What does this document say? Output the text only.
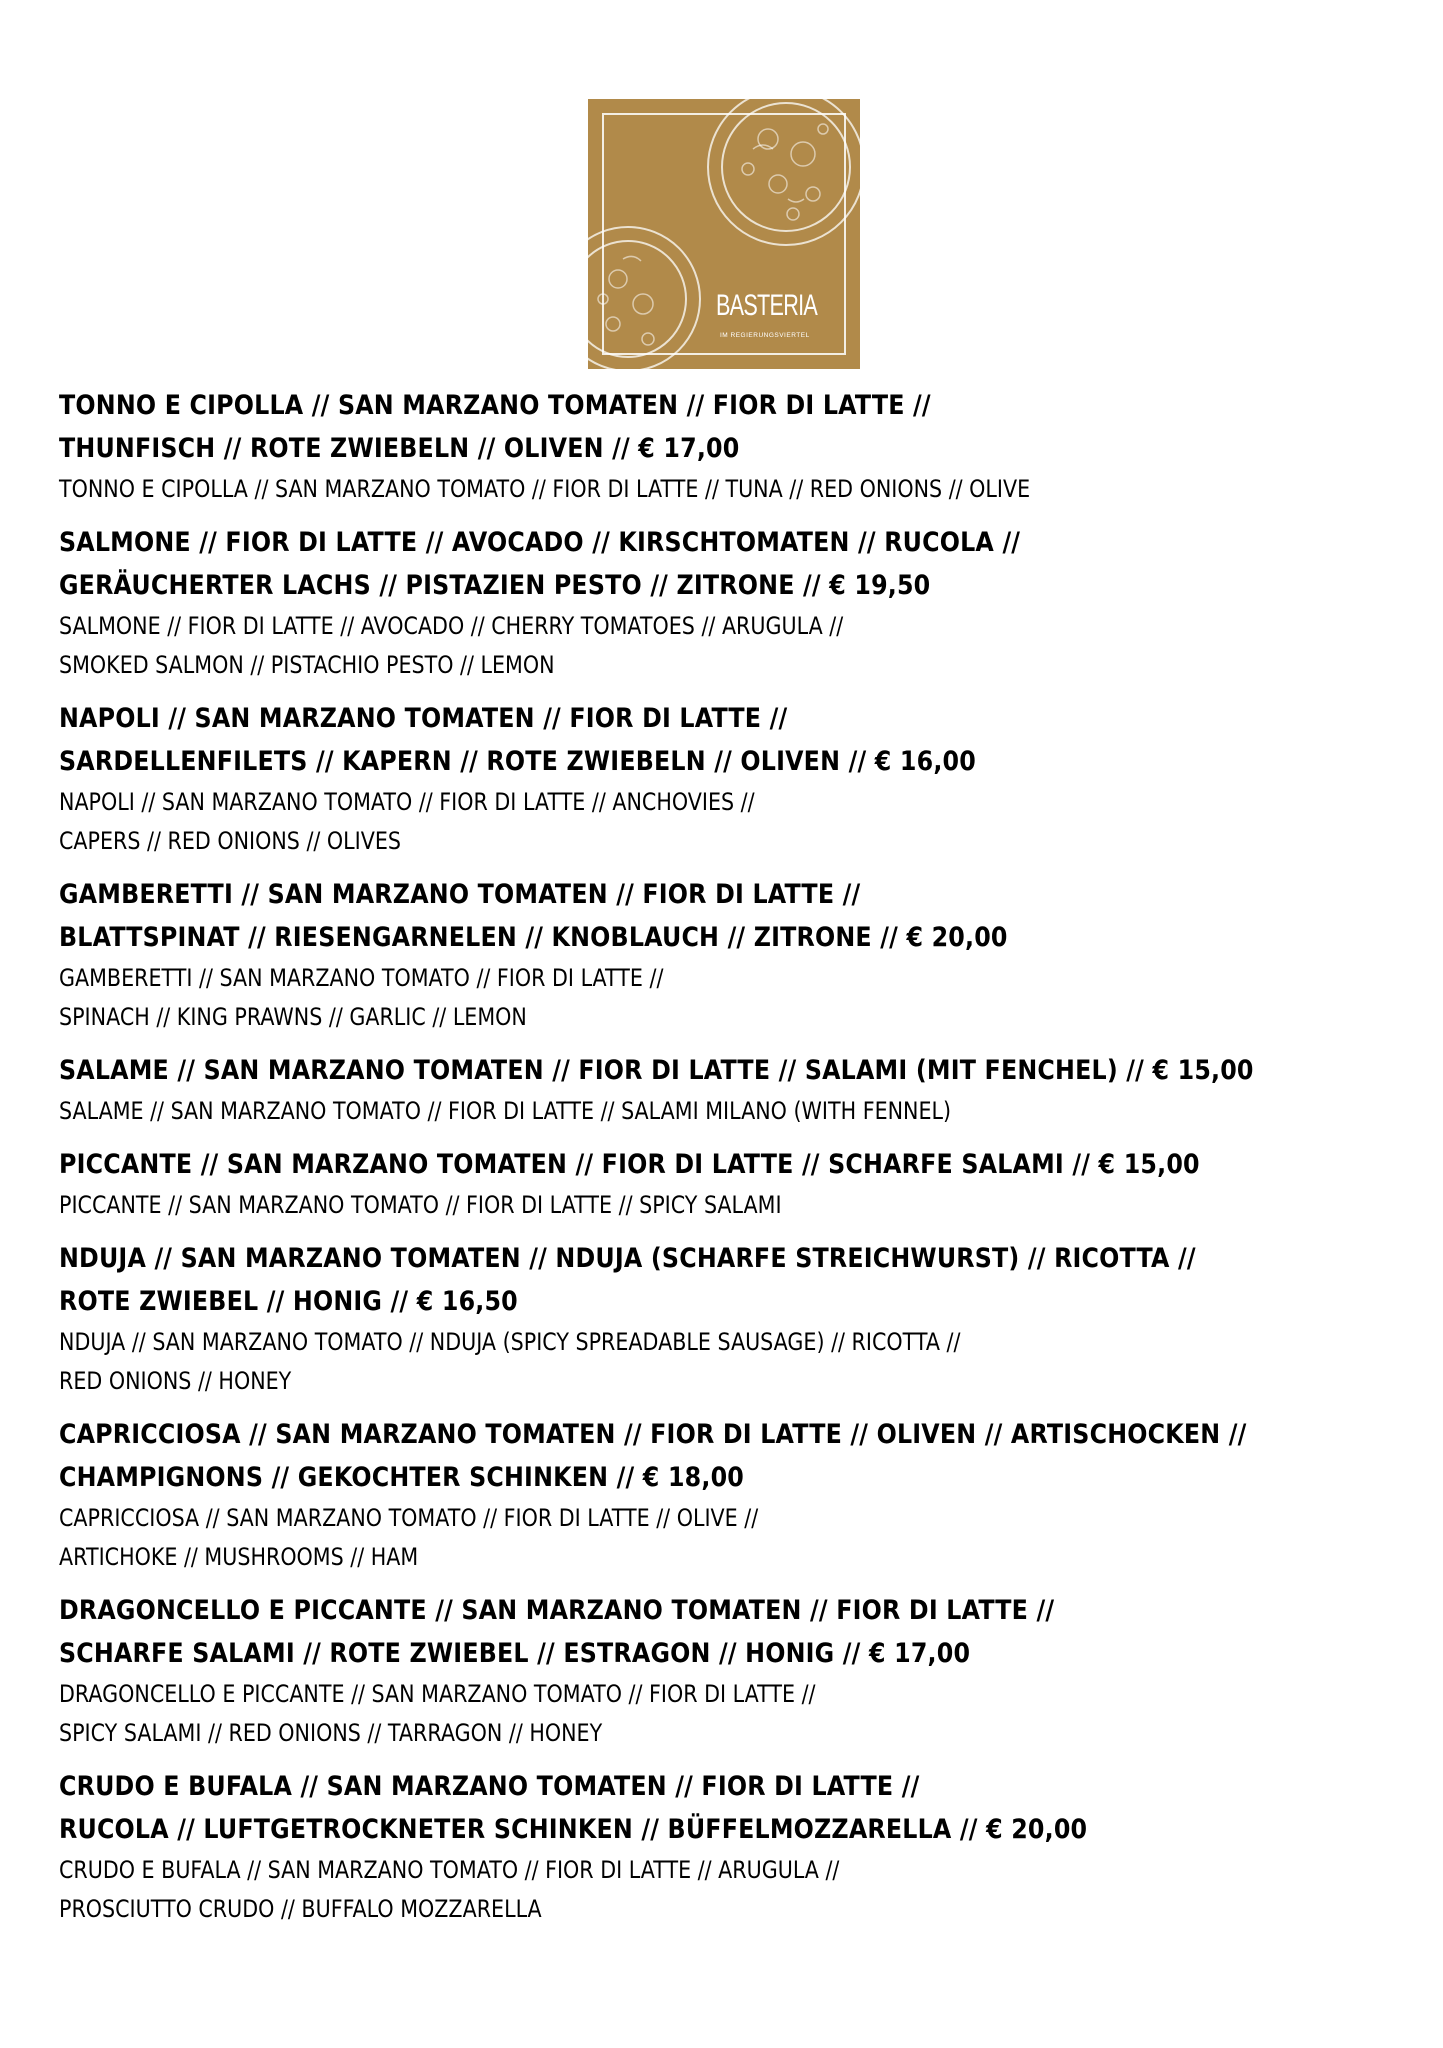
BASTERIA
IM REGIERUNGSVIERTEL
TONNO E CIPOLLA // SAN MARZANO TOMATEN // FIOR DI LATTE //
THUNFISCH // ROTE ZWIEBELN // OLIVEN // € 17,00
TONNO E CIPOLLA // SAN MARZANO TOMATO // FIOR DI LATTE // TUNA // RED ONIONS // OLIVE
SALMONE // FIOR DI LATTE // AVOCADO // KIRSCHTOMATEN // RUCOLA //
GERÄUCHERTER LACHS // PISTAZIEN PESTO // ZITRONE // € 19,50
SALMONE // FIOR DI LATTE // AVOCADO // CHERRY TOMATOES // ARUGULA //
SMOKED SALMON // PISTACHIO PESTO // LEMON
NAPOLI // SAN MARZANO TOMATEN // FIOR DI LATTE //
SARDELLENFILETS // KAPERN // ROTE ZWIEBELN // OLIVEN // € 16,00
NAPOLI // SAN MARZANO TOMATO // FIOR DI LATTE // ANCHOVIES //
CAPERS // RED ONIONS // OLIVES
GAMBERETTI // SAN MARZANO TOMATEN // FIOR DI LATTE //
BLATTSPINAT // RIESENGARNELEN // KNOBLAUCH // ZITRONE // € 20,00
GAMBERETTI // SAN MARZANO TOMATO // FIOR DI LATTE //
SPINACH // KING PRAWNS // GARLIC // LEMON
SALAME // SAN MARZANO TOMATEN // FIOR DI LATTE // SALAMI (MIT FENCHEL) // € 15,00
SALAME // SAN MARZANO TOMATO // FIOR DI LATTE // SALAMI MILANO (WITH FENNEL)
PICCANTE // SAN MARZANO TOMATEN // FIOR DI LATTE // SCHARFE SALAMI // € 15,00
PICCANTE // SAN MARZANO TOMATO // FIOR DI LATTE // SPICY SALAMI
NDUJA // SAN MARZANO TOMATEN // NDUJA (SCHARFE STREICHWURST) // RICOTTA //
ROTE ZWIEBEL // HONIG // € 16,50
NDUJA // SAN MARZANO TOMATO // NDUJA (SPICY SPREADABLE SAUSAGE) // RICOTTA //
RED ONIONS // HONEY
CAPRICCIOSA // SAN MARZANO TOMATEN // FIOR DI LATTE // OLIVEN // ARTISCHOCKEN //
CHAMPIGNONS // GEKOCHTER SCHINKEN // € 18,00
CAPRICCIOSA // SAN MARZANO TOMATO // FIOR DI LATTE // OLIVE //
ARTICHOKE // MUSHROOMS // HAM
DRAGONCELLO E PICCANTE // SAN MARZANO TOMATEN // FIOR DI LATTE //
SCHARFE SALAMI // ROTE ZWIEBEL // ESTRAGON // HONIG // € 17,00
DRAGONCELLO E PICCANTE // SAN MARZANO TOMATO // FIOR DI LATTE //
SPICY SALAMI // RED ONIONS // TARRAGON // HONEY
CRUDO E BUFALA // SAN MARZANO TOMATEN // FIOR DI LATTE //
RUCOLA // LUFTGETROCKNETER SCHINKEN // BÜFFELMOZZARELLA // € 20,00
CRUDO E BUFALA // SAN MARZANO TOMATO // FIOR DI LATTE // ARUGULA //
PROSCIUTTO CRUDO // BUFFALO MOZZARELLA
